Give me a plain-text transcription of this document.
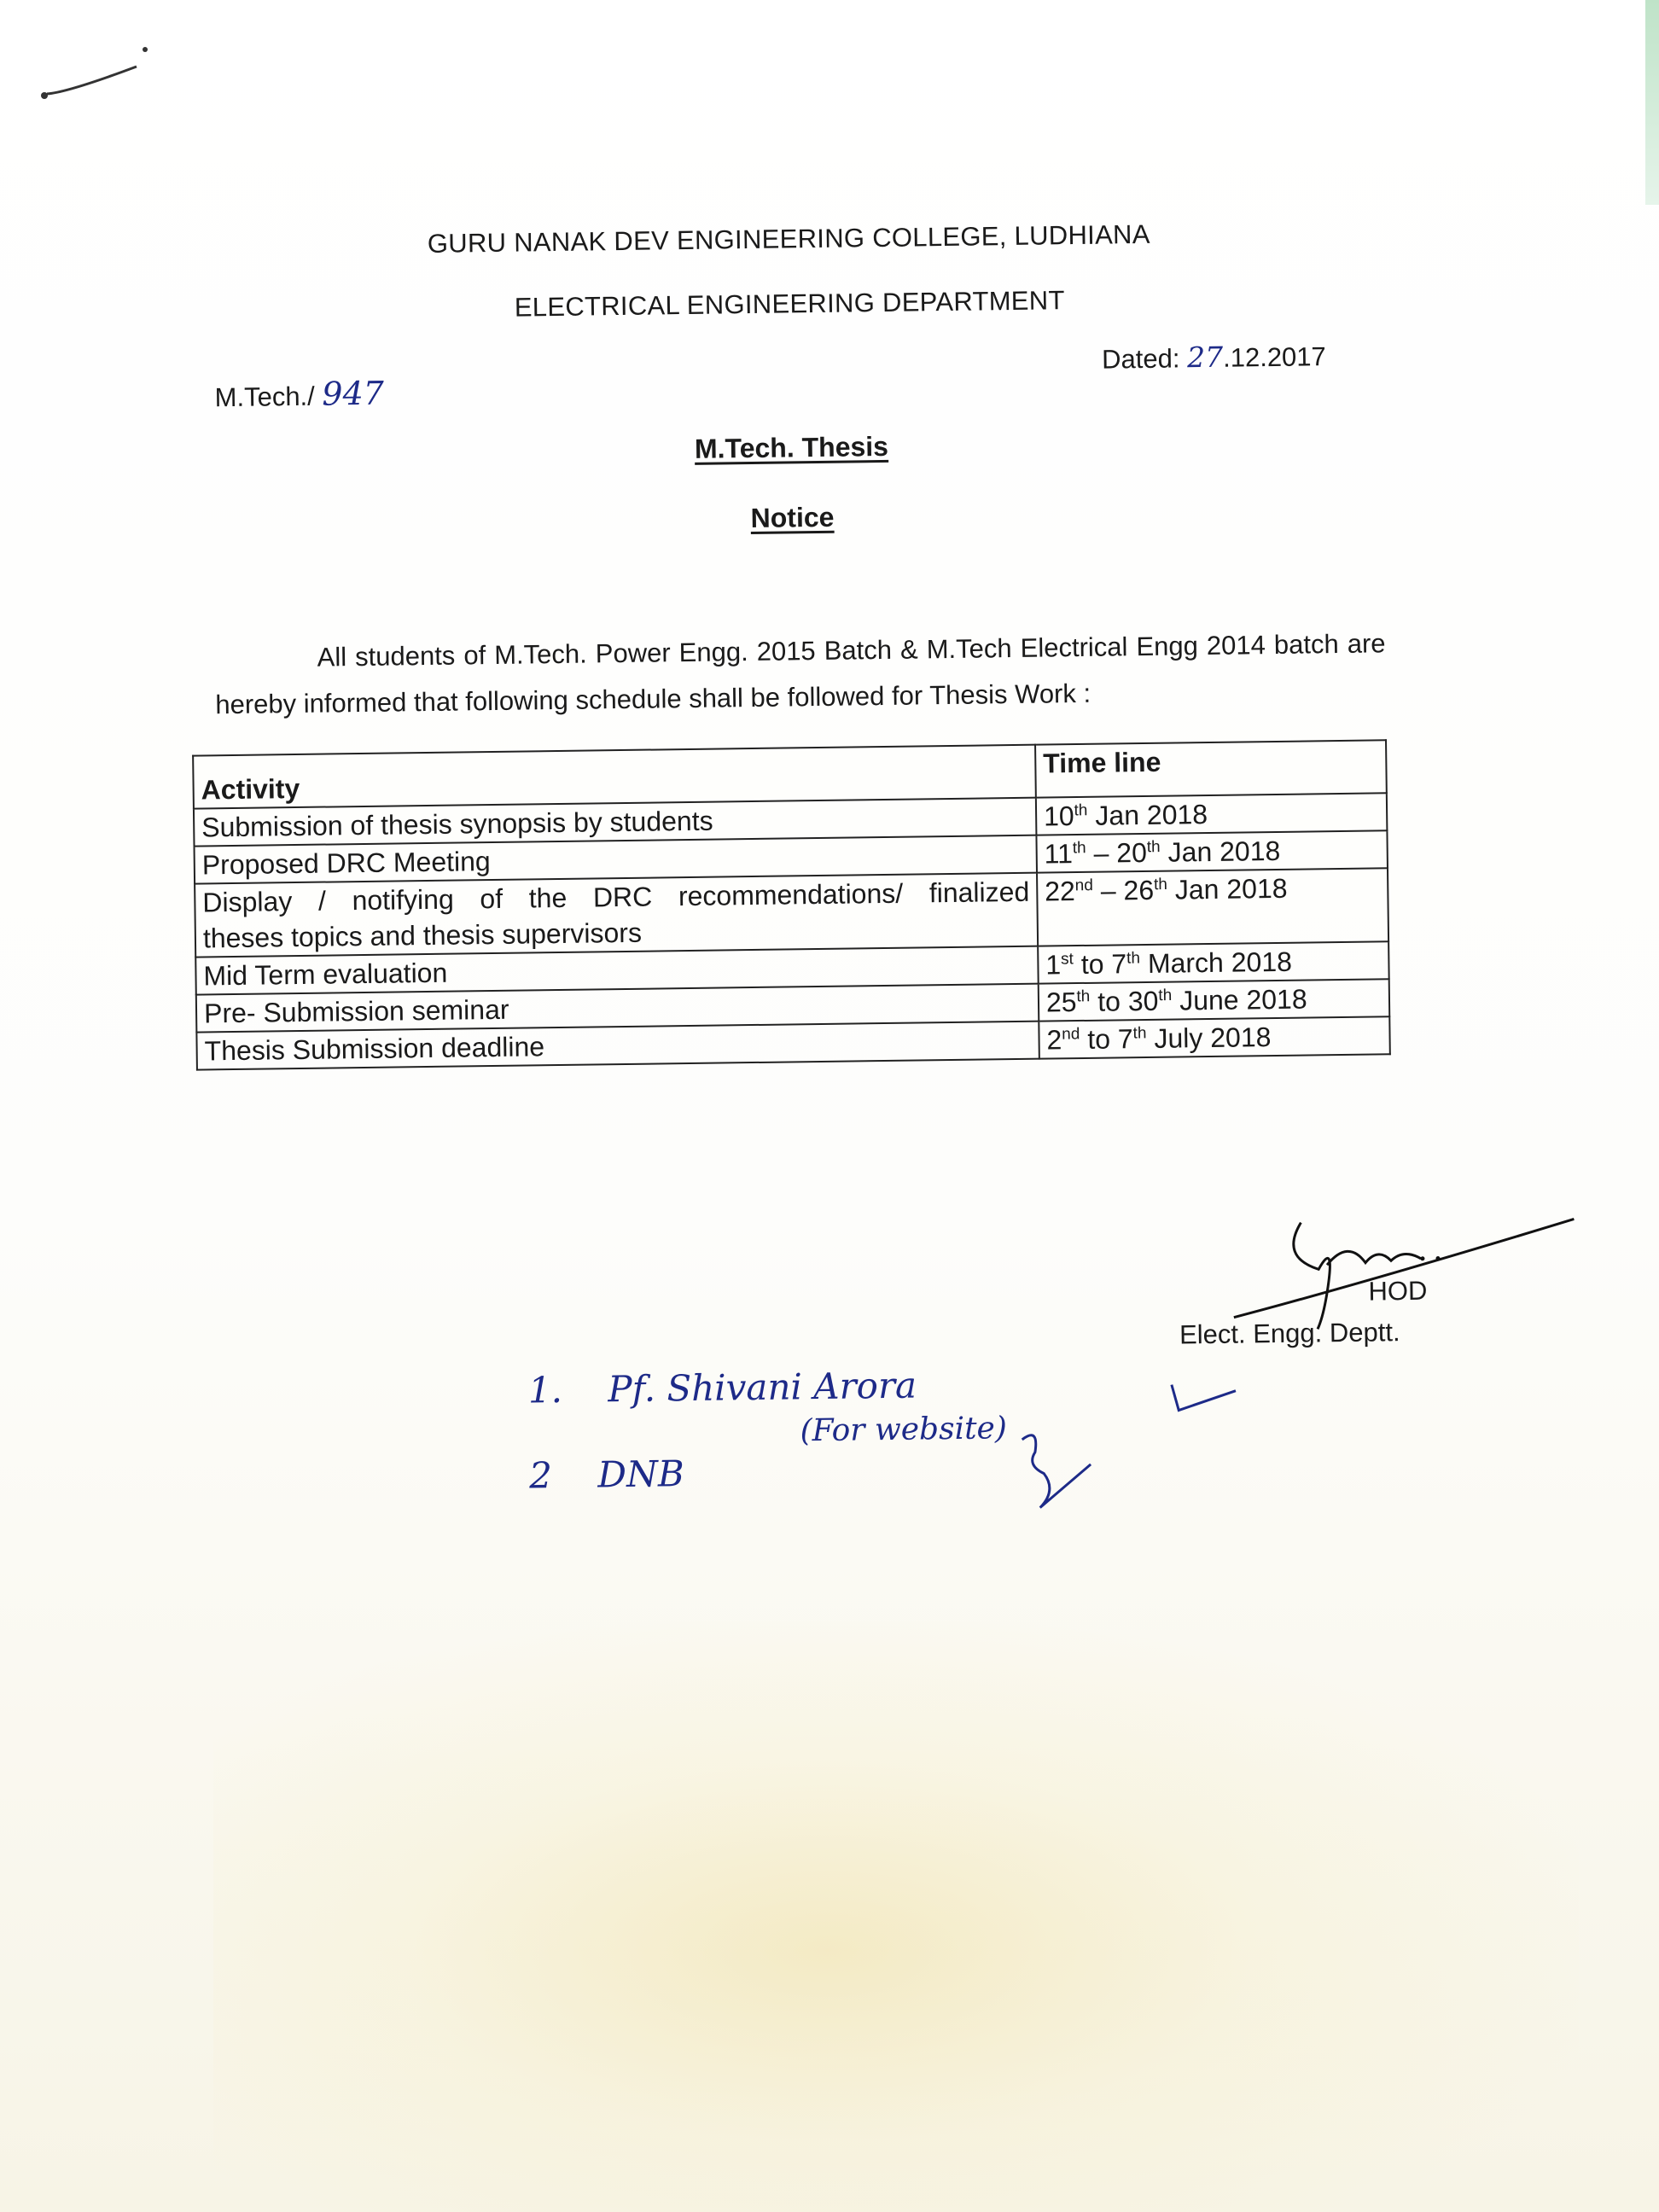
GURU NANAK DEV ENGINEERING COLLEGE, LUDHIANA
ELECTRICAL ENGINEERING DEPARTMENT
M.Tech./ 947
Dated: 27.12.2017
M.Tech. Thesis
Notice
All students of M.Tech. Power Engg. 2015 Batch & M.Tech Electrical Engg 2014 batch are hereby informed that following schedule shall be followed for Thesis Work :
Activity	Time line
Submission of thesis synopsis by students	10th Jan 2018
Proposed DRC Meeting	11th – 20th Jan 2018

Display / notifying of the DRC recommendations/ finalized
theses topics and thesis supervisors	22nd – 26th Jan 2018
Mid Term evaluation	1st to 7th March 2018
Pre- Submission seminar	25th to 30th June 2018
Thesis Submission deadline	2nd to 7th July 2018
HOD
Elect. Engg. Deptt.
1. Pf. Shivani Arora
(For website)
2 DNB
